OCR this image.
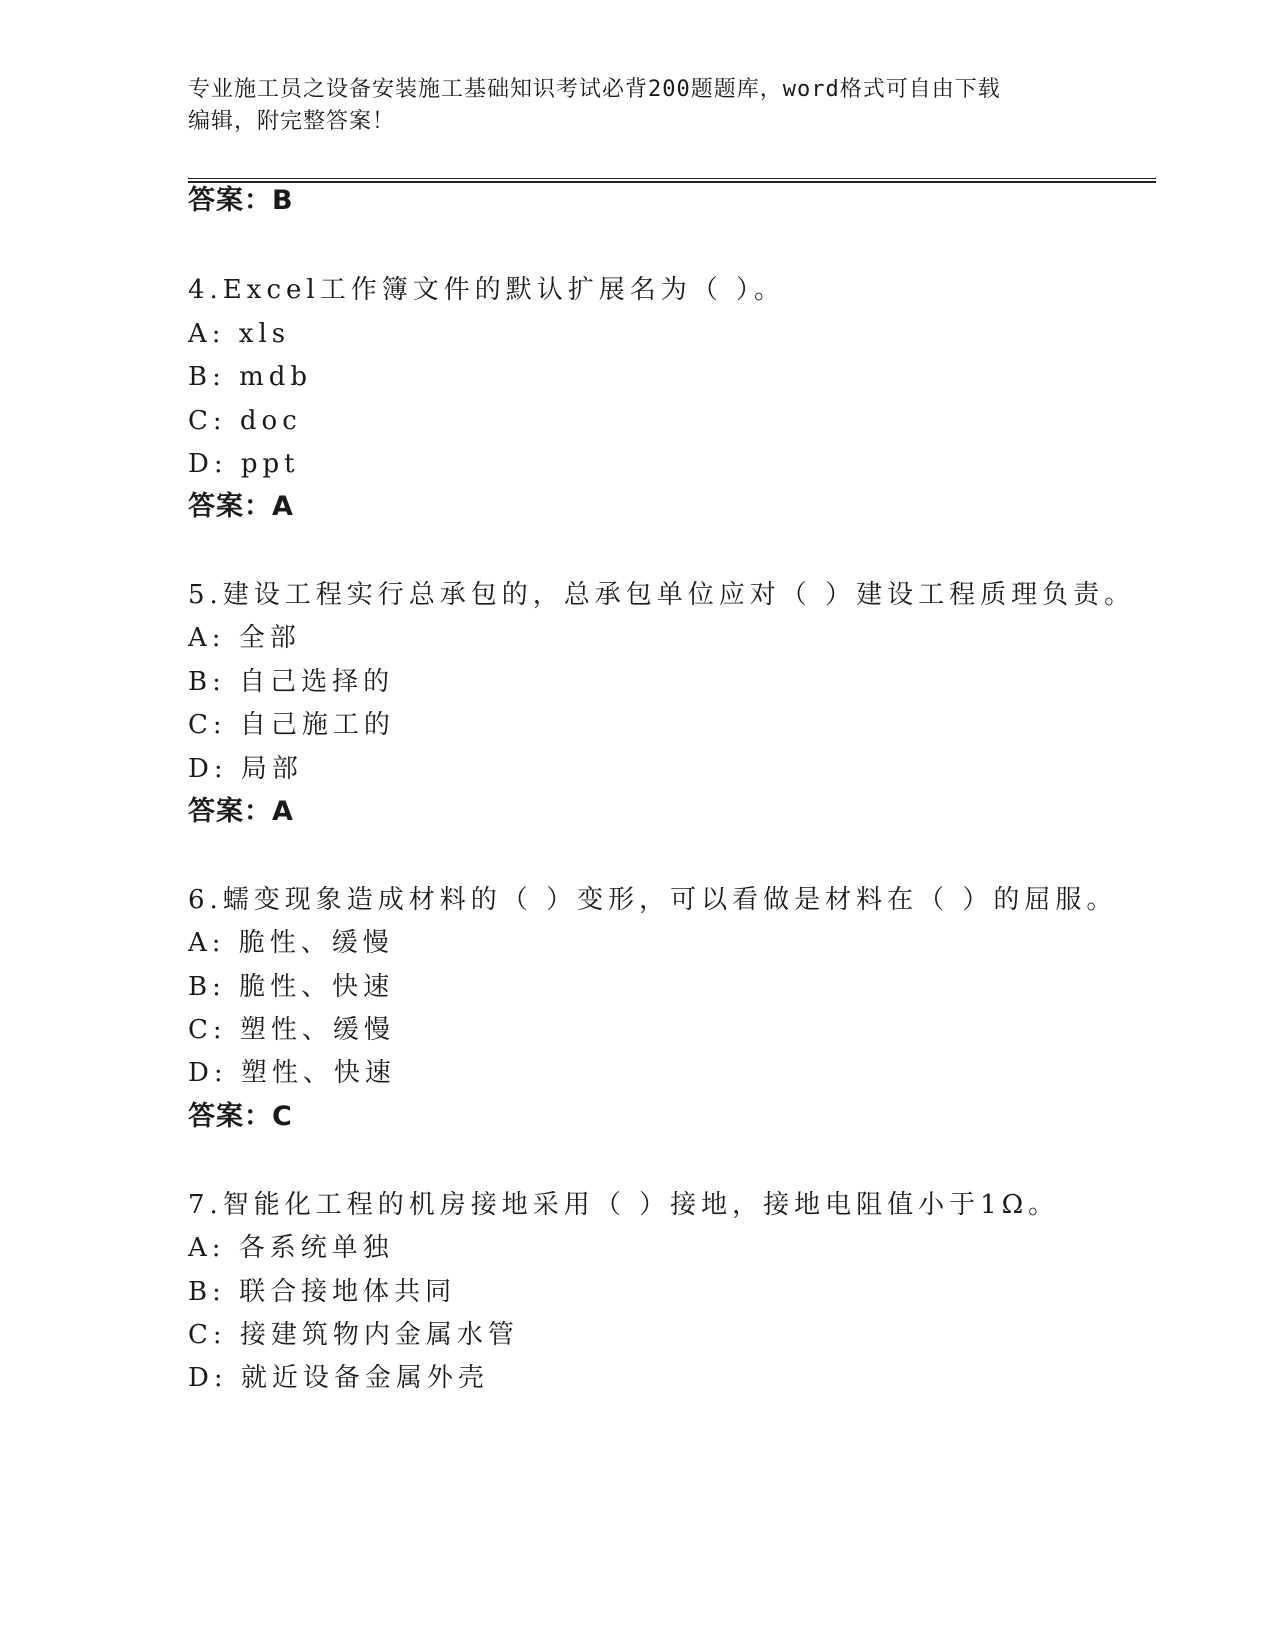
专业施工员之设备安装施工基础知识考试必背200题题库，word格式可自由下载
编辑，附完整答案！
答案：B
4.Excel工作簿文件的默认扩展名为（ ）。
A: xls
B: mdb
C: doc
D: ppt
答案：A
5.建设工程实行总承包的，总承包单位应对（ ）建设工程质理负责。
A: 全部
B: 自己选择的
C: 自己施工的
D: 局部
答案：A
6.蠕变现象造成材料的（ ）变形，可以看做是材料在（ ）的屈服。
A: 脆性、缓慢
B: 脆性、快速
C: 塑性、缓慢
D: 塑性、快速
答案：C
7.智能化工程的机房接地采用（ ）接地，接地电阻值小于1Ω。
A: 各系统单独
B: 联合接地体共同
C: 接建筑物内金属水管
D: 就近设备金属外壳
